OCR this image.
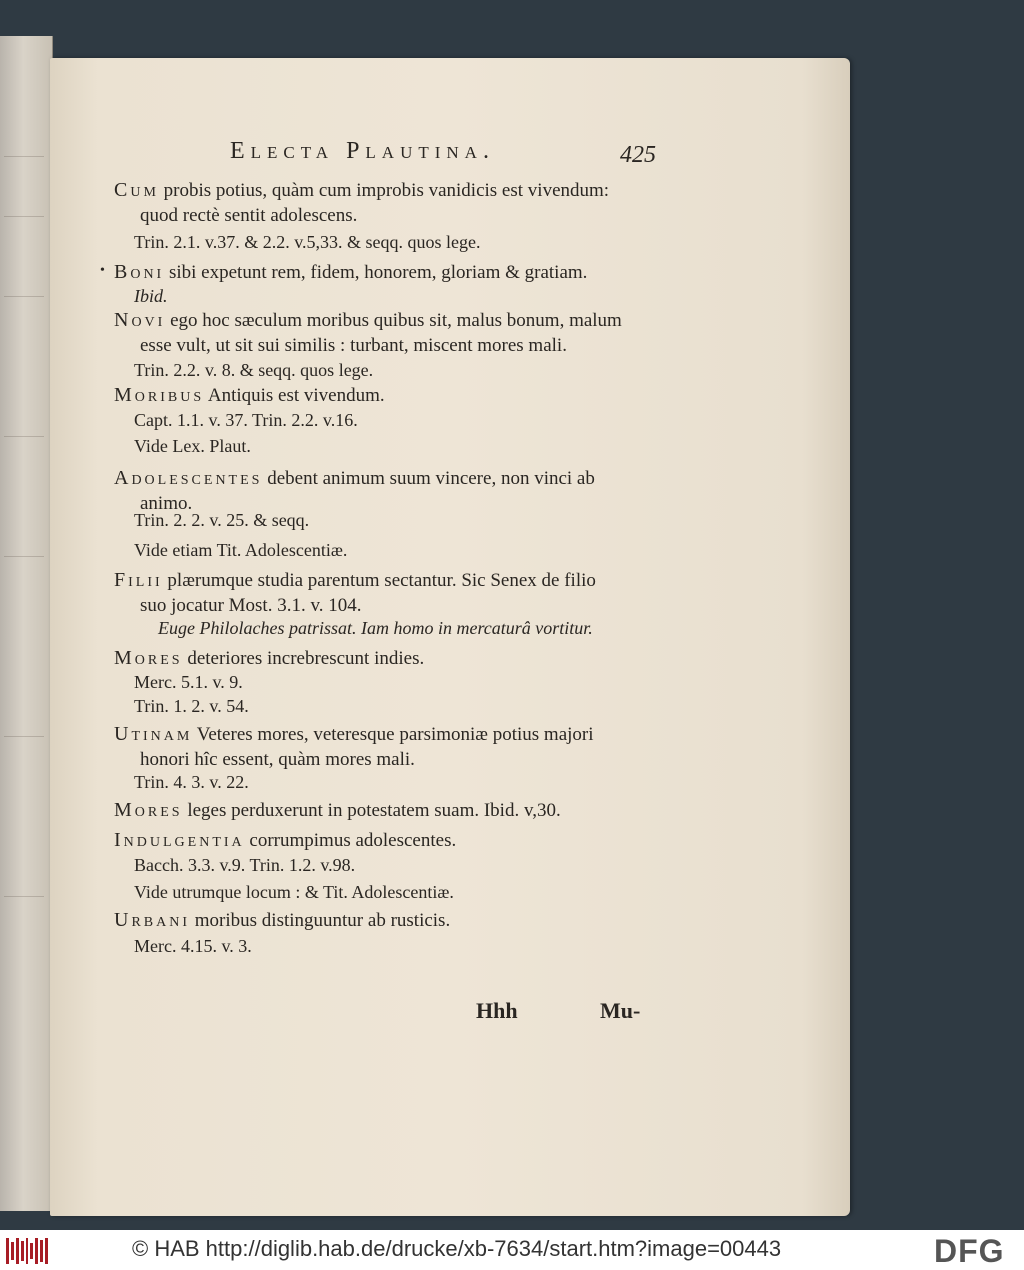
Electa Plautina.	425
Cum probis potius, quàm cum improbis vanidicis est vivendum:
quod rectè sentit adolescens.
Trin. 2.1. v.37. & 2.2. v.5,33. & seqq. quos lege.
• Boni sibi expetunt rem, fidem, honorem, gloriam & gratiam.
Ibid.
Novi ego hoc sæculum moribus quibus sit, malus bonum, malum
esse vult, ut sit sui similis : turbant, miscent mores mali.
Trin. 2.2. v. 8. & seqq. quos lege.
Moribus Antiquis est vivendum.
Capt. 1.1. v. 37. Trin. 2.2. v.16.
Vide Lex. Plaut.
Adolescentes debent animum suum vincere, non vinci ab
animo.
Trin. 2. 2. v. 25. & seqq.
Vide etiam Tit. Adolescentiæ.
Filii plærumque studia parentum sectantur. Sic Senex de filio
suo jocatur Most. 3.1. v. 104.
Euge Philolaches patrissat. Iam homo in mercaturâ vortitur.
Mores deteriores increbrescunt indies.
Merc. 5.1. v. 9.
Trin. 1. 2. v. 54.
Utinam Veteres mores, veteresque parsimoniæ potius majori
honori hîc essent, quàm mores mali.
Trin. 4. 3. v. 22.
Mores leges perduxerunt in potestatem suam. Ibid. v,30.
Indulgentia corrumpimus adolescentes.
Bacch. 3.3. v.9. Trin. 1.2. v.98.
Vide utrumque locum : & Tit. Adolescentiæ.
Urbani moribus distinguuntur ab rusticis.
Merc. 4.15. v. 3.
Hhh	Mu-
© HAB http://diglib.hab.de/drucke/xb-7634/start.htm?image=00443	DFG
